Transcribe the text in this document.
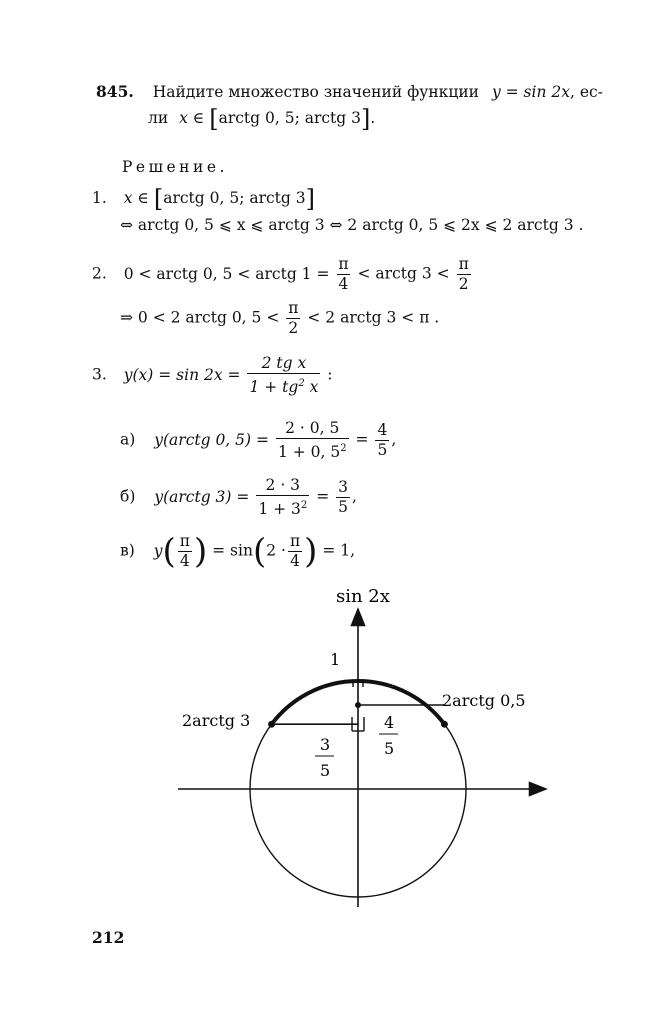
845. Найдите множество значений функции y = sin 2x, ес-
ли x ∈ [arctg 0, 5; arctg 3].
Решение.
1. x ∈ [arctg 0, 5; arctg 3]
⇔ arctg 0, 5 ⩽ x ⩽ arctg 3 ⇔ 2 arctg 0, 5 ⩽ 2x ⩽ 2 arctg 3 .
2. 0 < arctg 0, 5 < arctg $1 = \frac{\pi}{4}$ < arctg $3 < \frac{\pi}{2}$
⇒ 0 < 2 arctg 0, $5 < \frac{\pi}{2} < 2$ arctg 3 < π .
3. $y(x) = \sin 2x = \frac{\text{2 tg x}}{1 + tg^2 x}$ :
а) y(arctg 0, $5) = \frac{2 \cdot 0, 5}{1 + 0, 5^2} = \frac{4}{5}$ ,
б) y(arctg $3) = \frac{2 \cdot 3}{1 + 3^2} = \frac{3}{5}$ ,
в) $y( \frac{\pi}{4}$ ) = $\sin(2 \cdot \frac{\pi}{4}$ ) = 1,
sin 2x
1
2arctg 0,5
2arctg 3
3
5
4
5
212
